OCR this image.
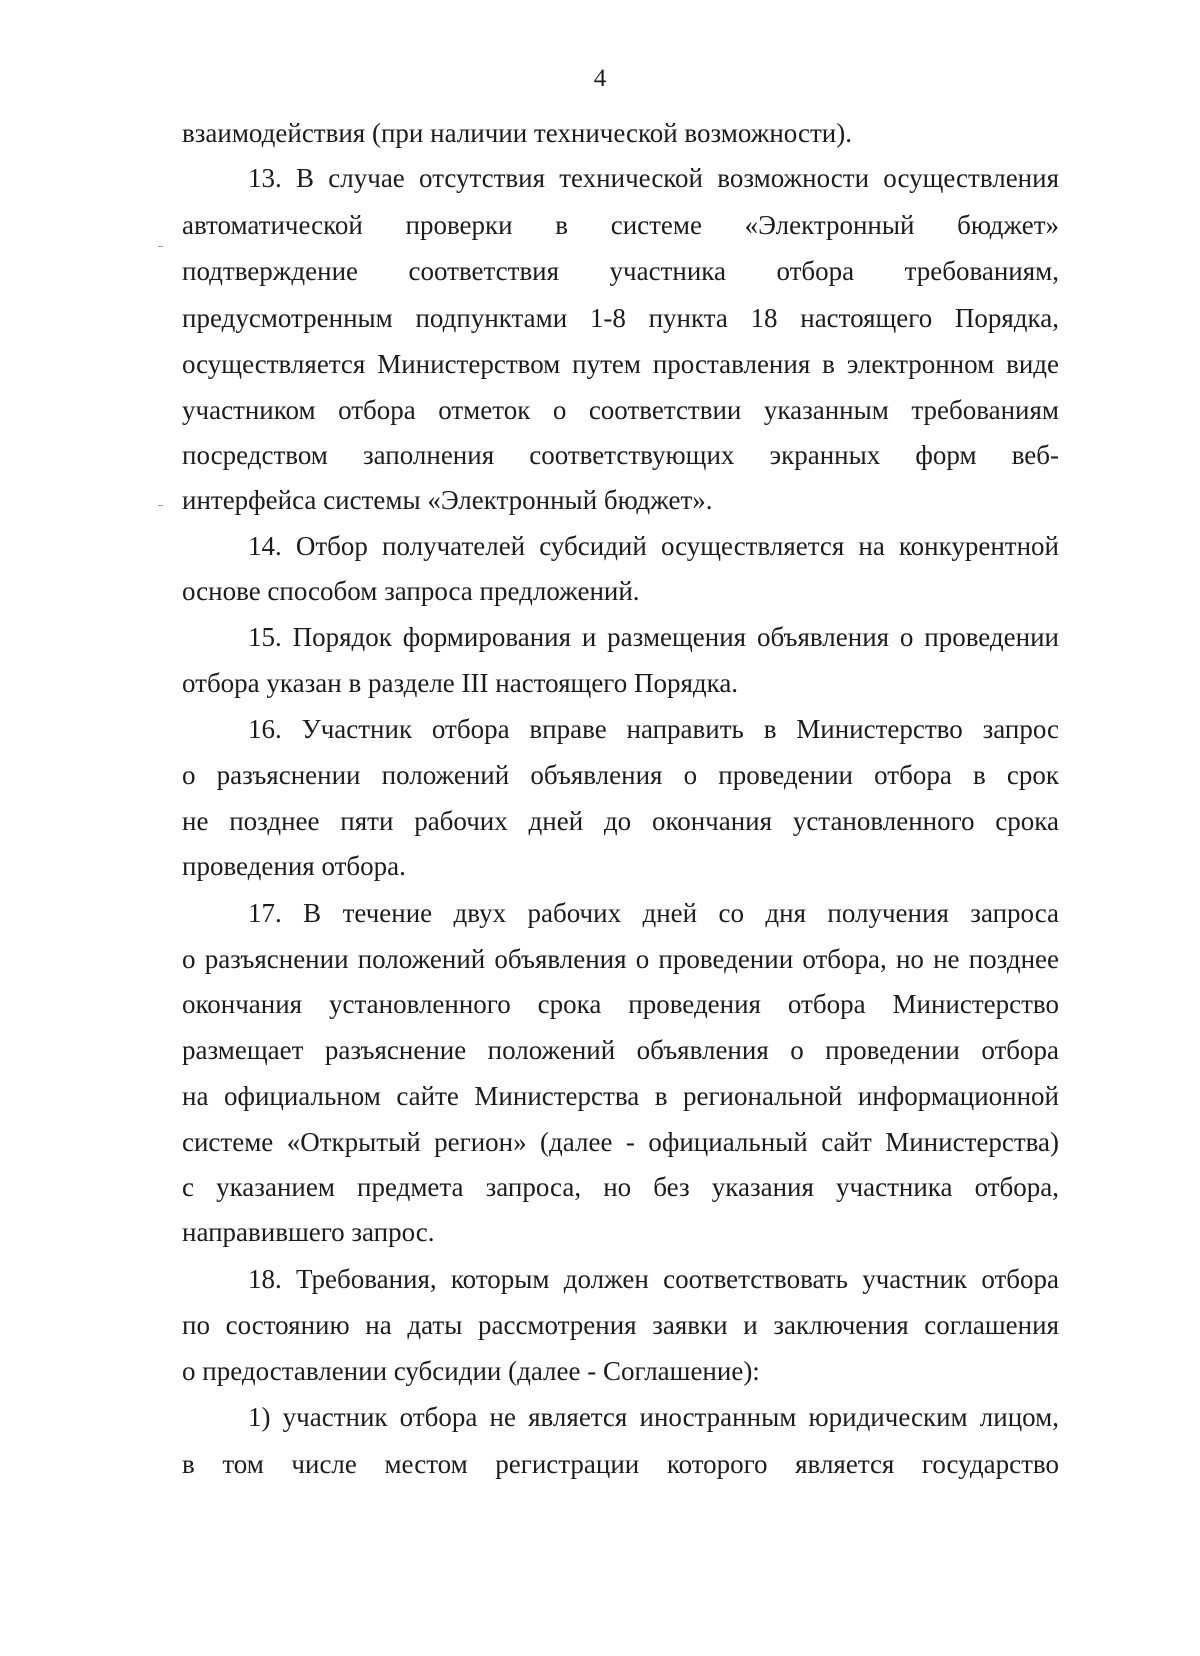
4
взаимодействия (при наличии технической возможности).
13. В случае отсутствия технической возможности осуществления
автоматической проверки в системе «Электронный бюджет»
подтверждение соответствия участника отбора требованиям,
предусмотренным подпунктами 1-8 пункта 18 настоящего Порядка,
осуществляется Министерством путем проставления в электронном виде
участником отбора отметок о соответствии указанным требованиям
посредством заполнения соответствующих экранных форм веб-
интерфейса системы «Электронный бюджет».
14. Отбор получателей субсидий осуществляется на конкурентной
основе способом запроса предложений.
15. Порядок формирования и размещения объявления о проведении
отбора указан в разделе III настоящего Порядка.
16. Участник отбора вправе направить в Министерство запрос
о разъяснении положений объявления о проведении отбора в срок
не позднее пяти рабочих дней до окончания установленного срока
проведения отбора.
17. В течение двух рабочих дней со дня получения запроса
о разъяснении положений объявления о проведении отбора, но не позднее
окончания установленного срока проведения отбора Министерство
размещает разъяснение положений объявления о проведении отбора
на официальном сайте Министерства в региональной информационной
системе «Открытый регион» (далее - официальный сайт Министерства)
с указанием предмета запроса, но без указания участника отбора,
направившего запрос.
18. Требования, которым должен соответствовать участник отбора
по состоянию на даты рассмотрения заявки и заключения соглашения
о предоставлении субсидии (далее - Соглашение):
1) участник отбора не является иностранным юридическим лицом,
в том числе местом регистрации которого является государство
